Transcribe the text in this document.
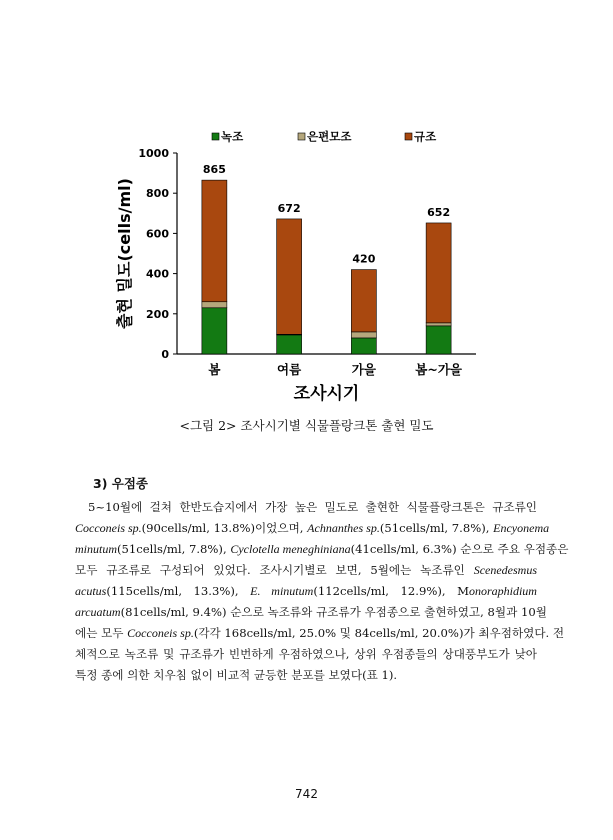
0
200
400
600
800
1000
865
봄
672
여름
420
가을
652
봄~가을
조사시기
출현 밀도(cells/ml)
녹조	은편모조	규조
<그림 2> 조사시기별 식물플랑크톤 출현 밀도
3) 우점종
5~10월에 걸쳐 한반도습지에서 가장 높은 밀도로 출현한 식물플랑크톤은 규조류인
Cocconeis sp.(90cells/ml, 13.8%)이었으며, Achnanthes sp.(51cells/ml, 7.8%), Encyonema
minutum(51cells/ml, 7.8%), Cyclotella meneghiniana(41cells/ml, 6.3%) 순으로 주요 우점종은
모두 규조류로 구성되어 있었다. 조사시기별로 보면, 5월에는 녹조류인 Scenedesmus
acutus(115cells/ml, 13.3%), E. minutum(112cells/ml, 12.9%), Monoraphidium
arcuatum(81cells/ml, 9.4%) 순으로 녹조류와 규조류가 우점종으로 출현하였고, 8월과 10월
에는 모두 Cocconeis sp.(각각 168cells/ml, 25.0% 및 84cells/ml, 20.0%)가 최우점하였다. 전
체적으로 녹조류 및 규조류가 빈번하게 우점하였으나, 상위 우점종들의 상대풍부도가 낮아
특정 종에 의한 치우침 없이 비교적 균등한 분포를 보였다(표 1).
742
